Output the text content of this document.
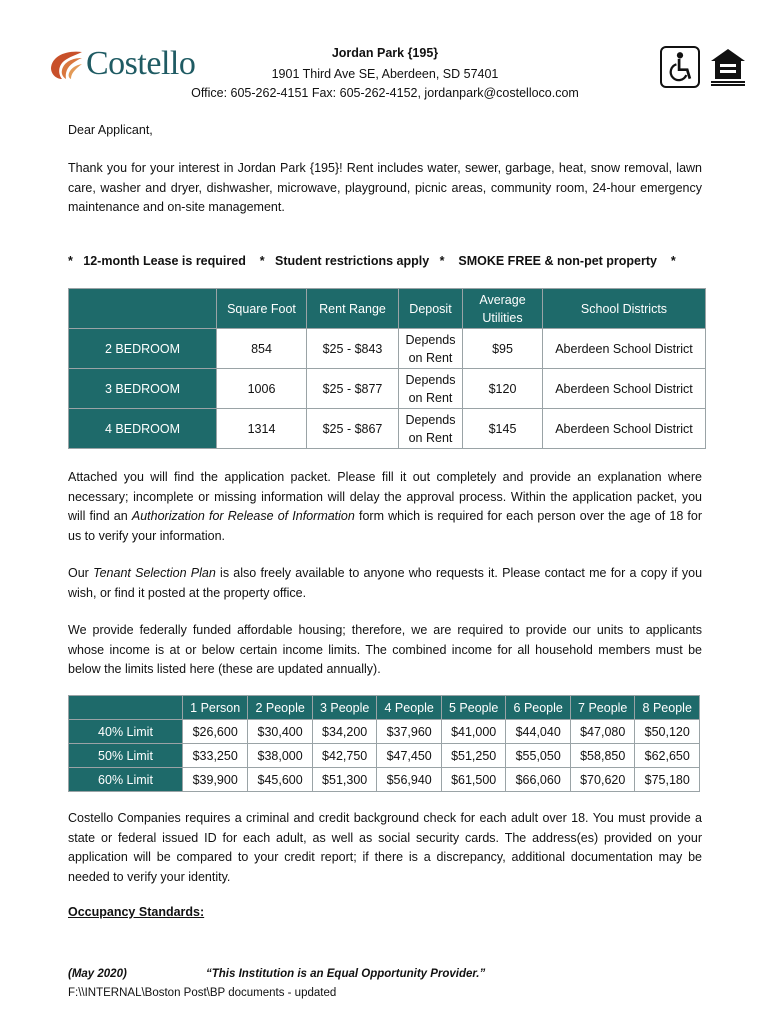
Costello	Jordan Park {195}
1901 Third Ave SE, Aberdeen, SD 57401
Office: 605-262-4151 Fax: 605-262-4152, jordanpark@costelloco.com

Dear Applicant,

Thank you for your interest in Jordan Park {195}! Rent includes water, sewer, garbage, heat, snow removal, lawn care, washer and dryer, dishwasher, microwave, playground, picnic areas, community room, 24-hour emergency maintenance and on-site management.

*   12-month Lease is required    *   Student restrictions apply   *    SMOKE FREE & non-pet property    *
	Square Foot	Rent Range	Deposit	Average Utilities	School Districts
2 BEDROOM	854	$25 - $843	Depends on Rent	$95	Aberdeen School District
3 BEDROOM	1006	$25 - $877	Depends on Rent	$120	Aberdeen School District
4 BEDROOM	1314	$25 - $867	Depends on Rent	$145	Aberdeen School District

Attached you will find the application packet. Please fill it out completely and provide an explanation where necessary; incomplete or missing information will delay the approval process. Within the application packet, you will find an Authorization for Release of Information form which is required for each person over the age of 18 for us to verify your information.

Our Tenant Selection Plan is also freely available to anyone who requests it. Please contact me for a copy if you wish, or find it posted at the property office.

We provide federally funded affordable housing; therefore, we are required to provide our units to applicants whose income is at or below certain income limits. The combined income for all household members must be below the limits listed here (these are updated annually).

	1 Person	2 People	3 People	4 People	5 People	6 People	7 People	8 People
40% Limit	$26,600	$30,400	$34,200	$37,960	$41,000	$44,040	$47,080	$50,120
50% Limit	$33,250	$38,000	$42,750	$47,450	$51,250	$55,050	$58,850	$62,650
60% Limit	$39,900	$45,600	$51,300	$56,940	$61,500	$66,060	$70,620	$75,180

Costello Companies requires a criminal and credit background check for each adult over 18. You must provide a state or federal issued ID for each adult, as well as social security cards. The address(es) provided on your application will be compared to your credit report; if there is a discrepancy, additional documentation may be needed to verify your identity.

Occupancy Standards:
(May 2020)	“This Institution is an Equal Opportunity Provider.”
F:\\INTERNAL\Boston Post\BP documents - updated
